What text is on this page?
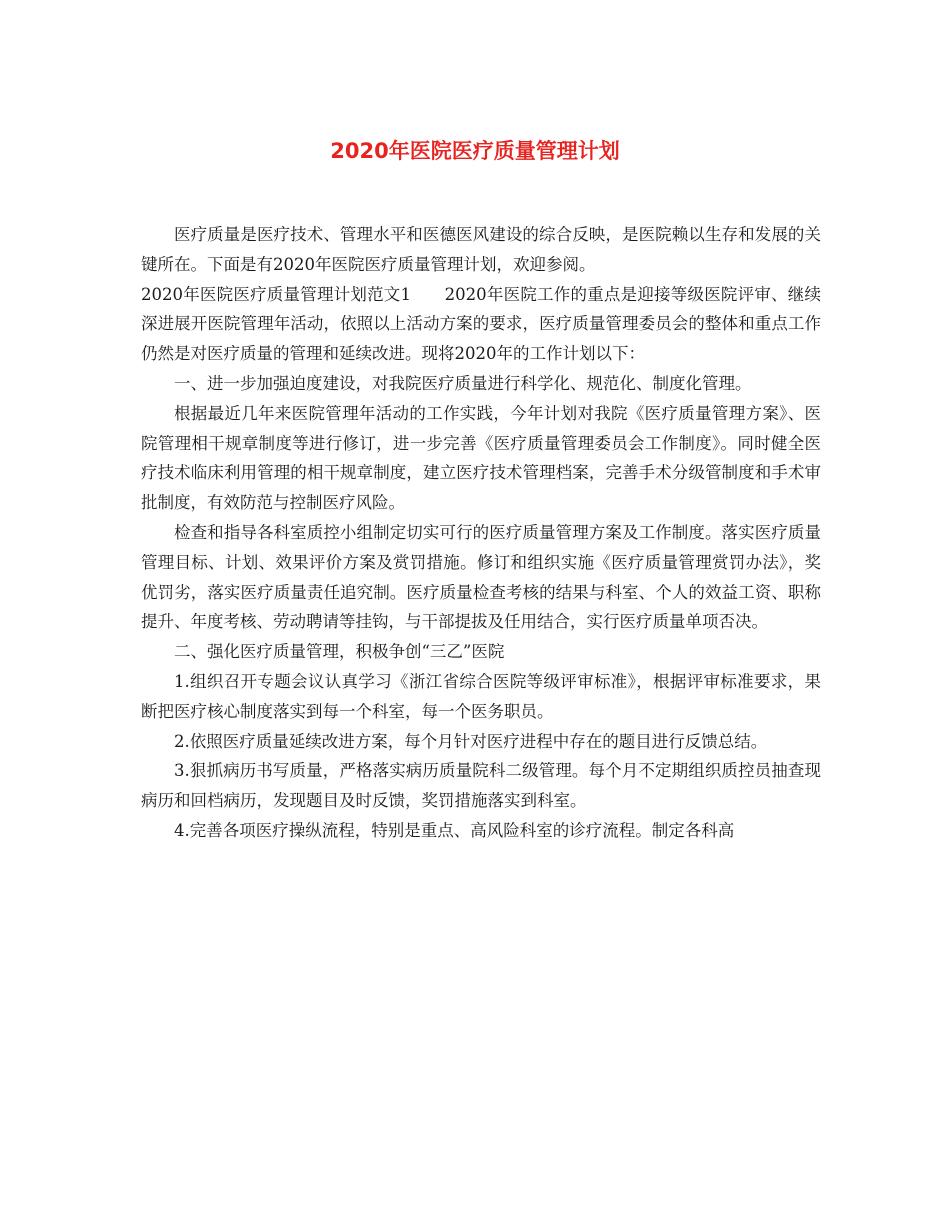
2020年医院医疗质量管理计划

医疗质量是医疗技术、管理水平和医德医风建设的综合反映，是医院赖以生存和发展的关键所在。下面是有2020年医院医疗质量管理计划，欢迎参阅。

2020年医院医疗质量管理计划范文1　　2020年医院工作的重点是迎接等级医院评审、继续深进展开医院管理年活动，依照以上活动方案的要求，医疗质量管理委员会的整体和重点工作仍然是对医疗质量的管理和延续改进。现将2020年的工作计划以下：

一、进一步加强迫度建设，对我院医疗质量进行科学化、规范化、制度化管理。

根据最近几年来医院管理年活动的工作实践，今年计划对我院《医疗质量管理方案》、医院管理相干规章制度等进行修订，进一步完善《医疗质量管理委员会工作制度》。同时健全医疗技术临床利用管理的相干规章制度，建立医疗技术管理档案，完善手术分级管制度和手术审批制度，有效防范与控制医疗风险。

检查和指导各科室质控小组制定切实可行的医疗质量管理方案及工作制度。落实医疗质量管理目标、计划、效果评价方案及赏罚措施。修订和组织实施《医疗质量管理赏罚办法》，奖优罚劣，落实医疗质量责任追究制。医疗质量检查考核的结果与科室、个人的效益工资、职称提升、年度考核、劳动聘请等挂钩，与干部提拔及任用结合，实行医疗质量单项否决。

二、强化医疗质量管理，积极争创“三乙”医院

1.组织召开专题会议认真学习《浙江省综合医院等级评审标准》，根据评审标准要求，果断把医疗核心制度落实到每一个科室，每一个医务职员。

2.依照医疗质量延续改进方案，每个月针对医疗进程中存在的题目进行反馈总结。

3.狠抓病历书写质量，严格落实病历质量院科二级管理。每个月不定期组织质控员抽查现病历和回档病历，发现题目及时反馈，奖罚措施落实到科室。

4.完善各项医疗操纵流程，特别是重点、高风险科室的诊疗流程。制定各科高
